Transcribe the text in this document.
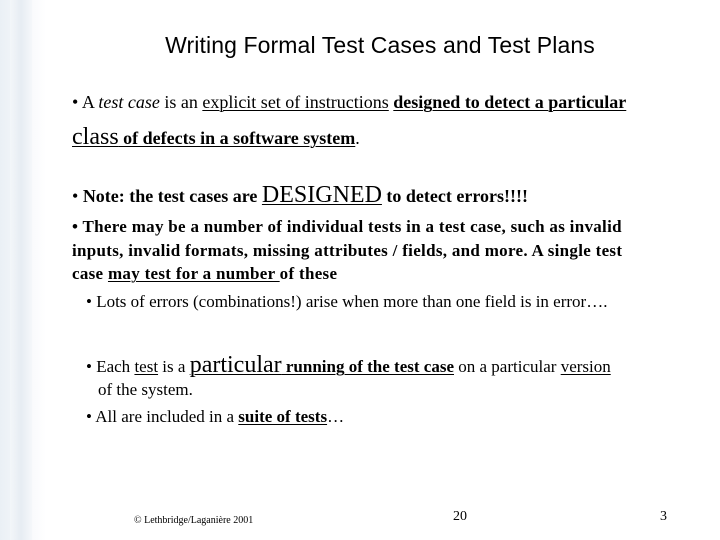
Writing Formal Test Cases and Test Plans
• A test case is an explicit set of instructions designed to detect a particular
class of defects in a software system.
• Note: the test cases are DESIGNED to detect errors!!!!
• There may be a number of individual tests in a test case, such as invalid
inputs, invalid formats, missing attributes / fields, and more. A single test
case may test for a number of these
• Lots of errors (combinations!) arise when more than one field is in error….
• Each test is a particular running of the test case on a particular version
of the system.
• All are included in a suite of tests…
© Lethbridge/Laganière 2001	20	3
